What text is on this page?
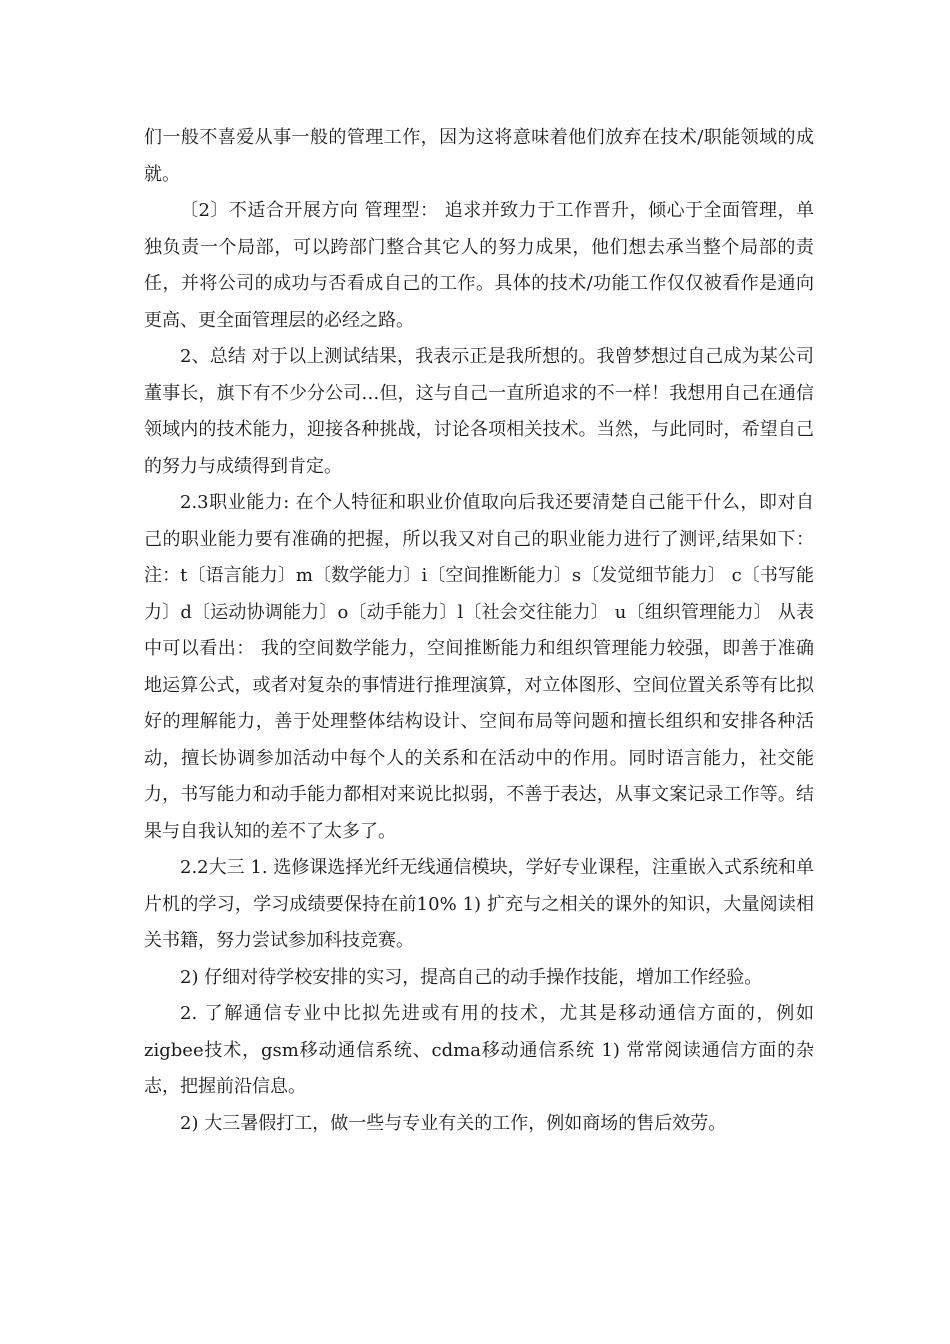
们一般不喜爱从事一般的管理工作，因为这将意味着他们放弃在技术/职能领域的成就。

〔2〕不适合开展方向 管理型： 追求并致力于工作晋升，倾心于全面管理，单独负责一个局部，可以跨部门整合其它人的努力成果，他们想去承当整个局部的责任，并将公司的成功与否看成自己的工作。具体的技术/功能工作仅仅被看作是通向更高、更全面管理层的必经之路。

2、总结 对于以上测试结果，我表示正是我所想的。我曾梦想过自己成为某公司董事长，旗下有不少分公司…但，这与自己一直所追求的不一样！我想用自己在通信领域内的技术能力，迎接各种挑战，讨论各项相关技术。当然，与此同时，希望自己的努力与成绩得到肯定。

2.3职业能力: 在个人特征和职业价值取向后我还要清楚自己能干什么，即对自己的职业能力要有准确的把握，所以我又对自己的职业能力进行了测评,结果如下： 注：t〔语言能力〕m〔数学能力〕i〔空间推断能力〕s〔发觉细节能力〕 c〔书写能力〕d〔运动协调能力〕o〔动手能力〕l〔社会交往能力〕 u〔组织管理能力〕 从表中可以看出： 我的空间数学能力，空间推断能力和组织管理能力较强，即善于准确地运算公式，或者对复杂的事情进行推理演算，对立体图形、空间位置关系等有比拟好的理解能力，善于处理整体结构设计、空间布局等问题和擅长组织和安排各种活动，擅长协调参加活动中每个人的关系和在活动中的作用。同时语言能力，社交能力，书写能力和动手能力都相对来说比拟弱，不善于表达，从事文案记录工作等。结果与自我认知的差不了太多了。

2.2大三 1. 选修课选择光纤无线通信模块，学好专业课程，注重嵌入式系统和单片机的学习，学习成绩要保持在前10% 1) 扩充与之相关的课外的知识，大量阅读相关书籍，努力尝试参加科技竞赛。

2) 仔细对待学校安排的实习，提高自己的动手操作技能，增加工作经验。

2. 了解通信专业中比拟先进或有用的技术，尤其是移动通信方面的，例如zigbee技术，gsm移动通信系统、cdma移动通信系统 1) 常常阅读通信方面的杂志，把握前沿信息。

2) 大三暑假打工，做一些与专业有关的工作，例如商场的售后效劳。
